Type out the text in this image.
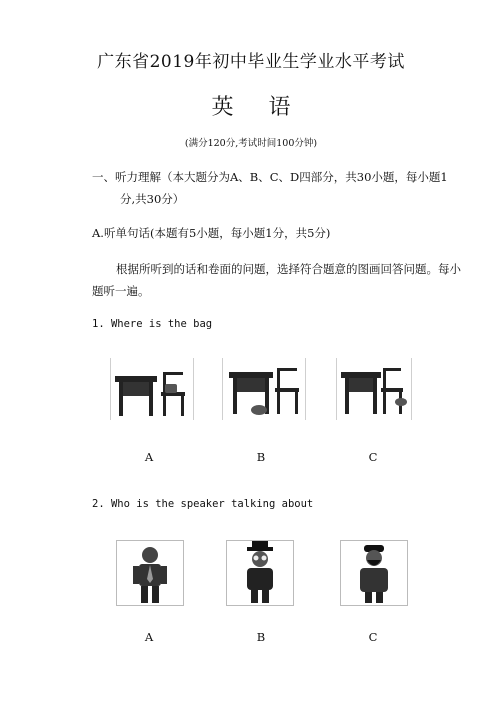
广东省2019年初中毕业生学业水平考试
英 语
(满分120分,考试时间100分钟)
一、听力理解（本大题分为A、B、C、D四部分，共30小题，每小题1
分,共30分）
A.听单句话(本题有5小题，每小题1分，共5分)
根据所听到的话和卷面的问题，选择符合题意的图画回答问题。每小题听一遍。
1. Where is the bag
A	B	C
2. Who is the speaker talking about
A	B	C
